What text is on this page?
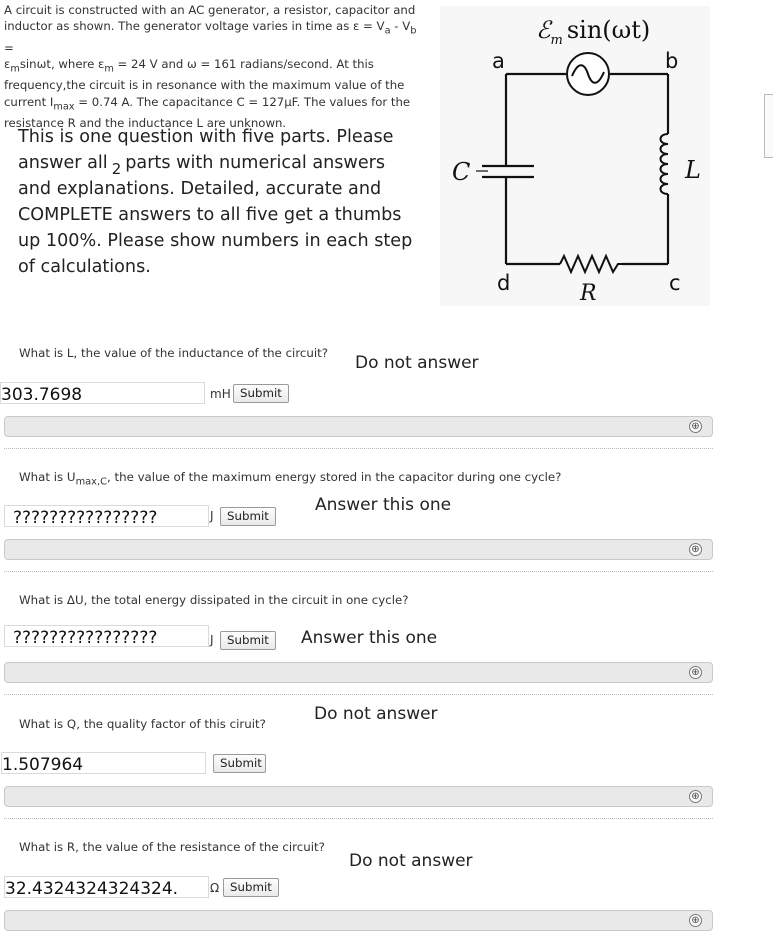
A circuit is constructed with an AC generator, a resistor, capacitor and

inductor as shown. The generator voltage varies in time as $\varepsilon = V_a - V_b$ =

$\varepsilon_m\sin\omega t$, where $\varepsilon_m = 24$ V and ω = 161 radians/second. At this

frequency,the circuit is in resonance with the maximum value of the

current $I_{max} = 0.74$ A. The capacitance C = 127μF. The values for the

resistance R and the inductance L are unknown.

This is one question with five parts. Please
answer all 2 parts with numerical answers
and explanations. Detailed, accurate and
COMPLETE answers to all five get a thumbs
up 100%. Please show numbers in each step
of calculations.
ℰ$_m$ sin(ωt)
a	b
c
d
C	L
R
What is L, the value of the inductance of the circuit? Do not answer
303.7698	mH Submit
⊕
What is $U_{max,C}$, the value of the maximum energy stored in the capacitor during one cycle?
Answer this one
????????????????	J	Submit
⊕
What is ΔU, the total energy dissipated in the circuit in one cycle?
????????????????	J	Submit	Answer this one
⊕
Do not answer
What is Q, the quality factor of this ciruit?
1.507964	Submit
⊕
What is R, the value of the resistance of the circuit?
Do not answer
32.4324324324324.	Ω Submit
⊕
